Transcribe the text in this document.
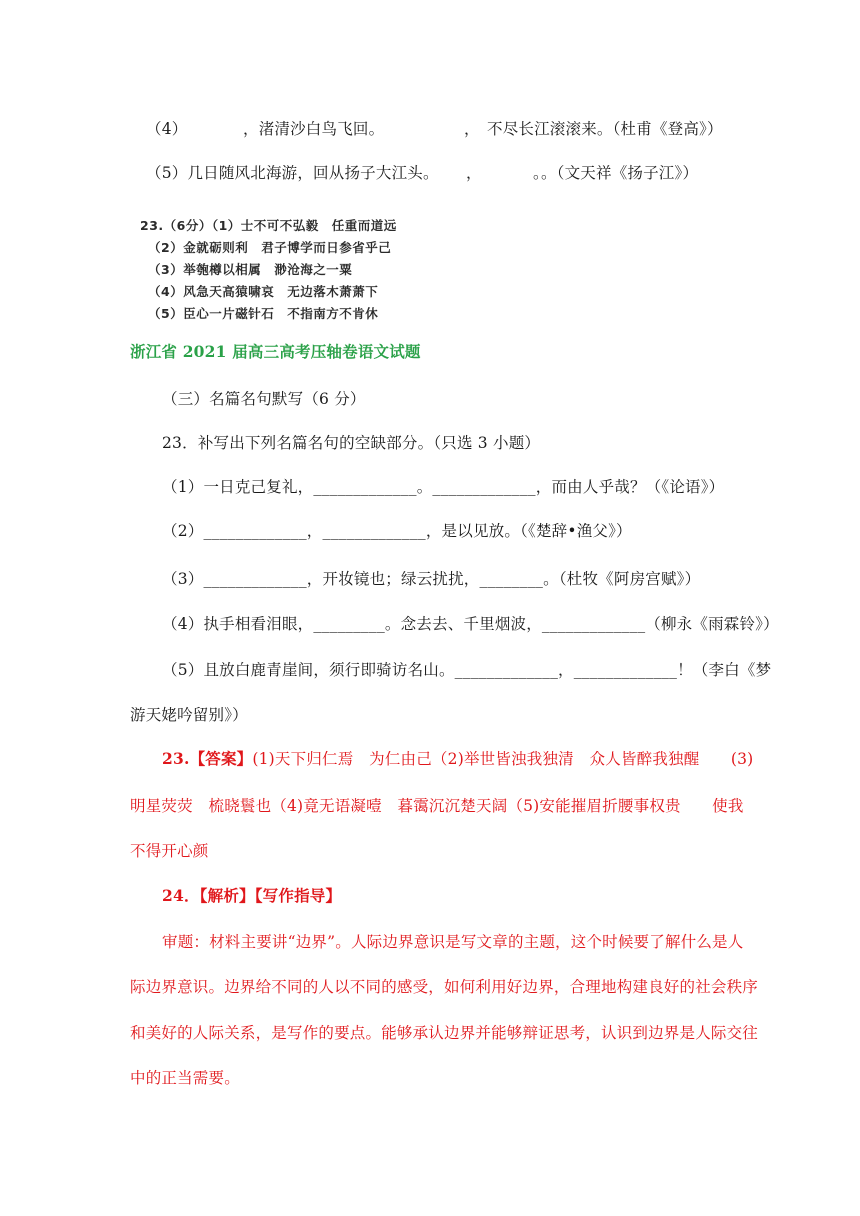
（4）	，渚清沙白鸟飞回。	， 不尽长江滚滚来。（杜甫《登高》）
（5）几日随风北海游，回从扬子大江头。 ，	。。（文天祥《扬子江》）
23.（6分）（1）士不可不弘毅　任重而道远
（2）金就砺则利　君子博学而日参省乎己
（3）举匏樽以相属　渺沧海之一粟
（4）风急天高猿啸哀　无边落木萧萧下
（5）臣心一片磁针石　不指南方不肯休
浙江省 2021 届高三高考压轴卷语文试题
（三）名篇名句默写（6 分）
23．补写出下列名篇名句的空缺部分。（只选 3 小题）
（1）一日克己复礼，_____________。_____________，而由人乎哉？（《论语》）
（2）_____________，_____________，是以见放。（《楚辞•渔父》）
（3）_____________，开妆镜也；绿云扰扰，________。（杜牧《阿房宫赋》）
（4）执手相看泪眼，_________。念去去、千里烟波，_____________（柳永《雨霖铃》）
（5）且放白鹿青崖间，须行即骑访名山。_____________，_____________！（李白《梦
游天姥吟留别》）
23.【答案】(1)天下归仁焉　为仁由己（2)举世皆浊我独清　众人皆醉我独醒　　(3)
明星荧荧　梳晓鬟也（4)竟无语凝噎　暮霭沉沉楚天阔（5)安能摧眉折腰事权贵　　使我
不得开心颜
24．【解析】【写作指导】
审题：材料主要讲“边界”。人际边界意识是写文章的主题，这个时候要了解什么是人
际边界意识。边界给不同的人以不同的感受，如何利用好边界，合理地构建良好的社会秩序
和美好的人际关系，是写作的要点。能够承认边界并能够辩证思考，认识到边界是人际交往
中的正当需要。
